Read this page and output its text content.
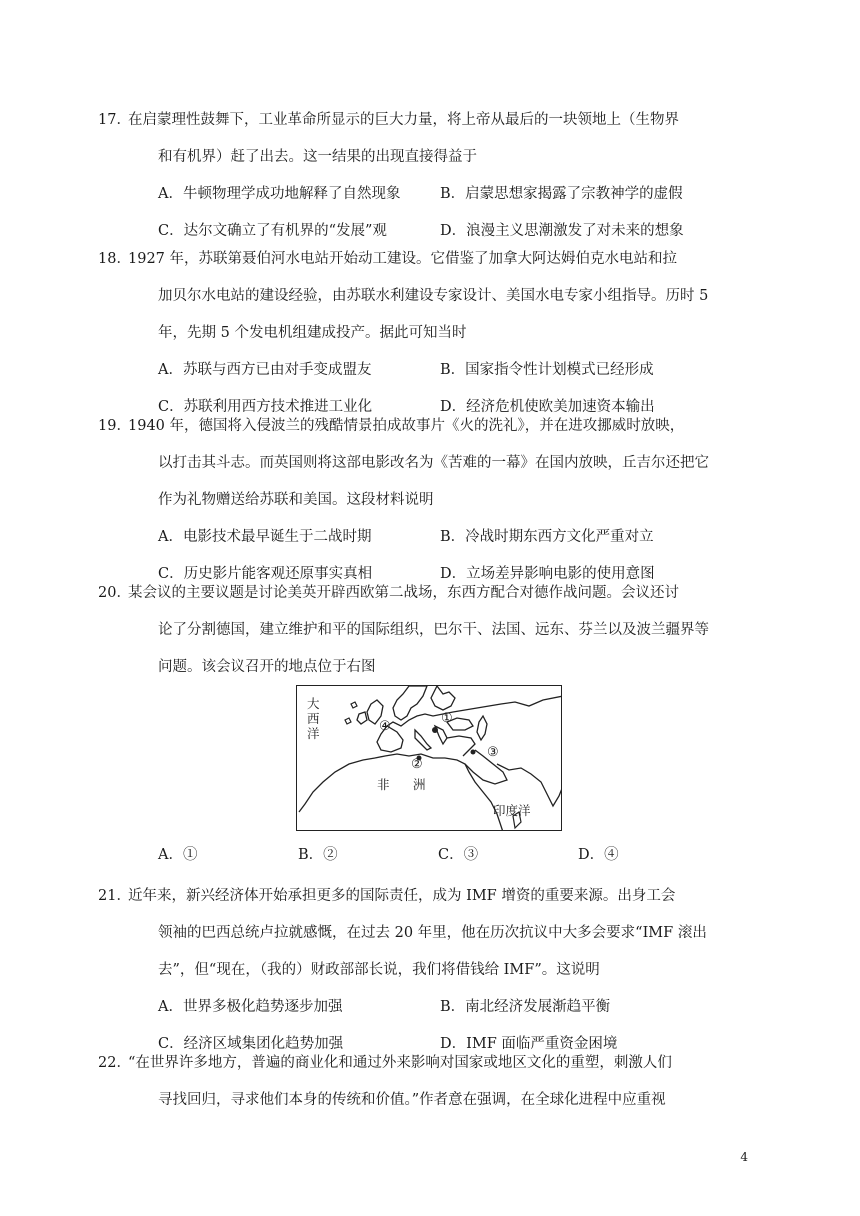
17．
在启蒙理性鼓舞下，工业革命所显示的巨大力量，将上帝从最后的一块领地上（生物界
和有机界）赶了出去。这一结果的出现直接得益于
A．牛顿物理学成功地解释了自然现象	B．启蒙思想家揭露了宗教神学的虚假
C．达尔文确立了有机界的“发展”观	D．浪漫主义思潮激发了对未来的想象
18．
1927 年，苏联第聂伯河水电站开始动工建设。它借鉴了加拿大阿达姆伯克水电站和拉
加贝尔水电站的建设经验，由苏联水利建设专家设计、美国水电专家小组指导。历时 5
年，先期 5 个发电机组建成投产。据此可知当时
A．苏联与西方已由对手变成盟友	B．国家指令性计划模式已经形成
C．苏联利用西方技术推进工业化	D．经济危机使欧美加速资本输出
19．
1940 年，德国将入侵波兰的残酷情景拍成故事片《火的洗礼》，并在进攻挪威时放映，
以打击其斗志。而英国则将这部电影改名为《苦难的一幕》在国内放映，丘吉尔还把它
作为礼物赠送给苏联和美国。这段材料说明
A．电影技术最早诞生于二战时期	B．冷战时期东西方文化严重对立
C．历史影片能客观还原事实真相	D．立场差异影响电影的使用意图
20．
某会议的主要议题是讨论美英开辟西欧第二战场，东西方配合对德作战问题。会议还讨
论了分割德国，建立维护和平的国际组织，巴尔干、法国、远东、芬兰以及波兰疆界等
问题。该会议召开的地点位于右图
大
西
洋
非 洲
印度洋
①
②
③
④
A．①	B．②	C．③	D．④
21．
近年来，新兴经济体开始承担更多的国际责任，成为 IMF 增资的重要来源。出身工会
领袖的巴西总统卢拉就感慨，在过去 20 年里，他在历次抗议中大多会要求“IMF 滚出
去”，但“现在，（我的）财政部部长说，我们将借钱给 IMF”。这说明
A．世界多极化趋势逐步加强	B．南北经济发展渐趋平衡
C．经济区域集团化趋势加强	D．IMF 面临严重资金困境
22．
“在世界许多地方，普遍的商业化和通过外来影响对国家或地区文化的重塑，刺激人们
寻找回归，寻求他们本身的传统和价值。”作者意在强调，在全球化进程中应重视
4
